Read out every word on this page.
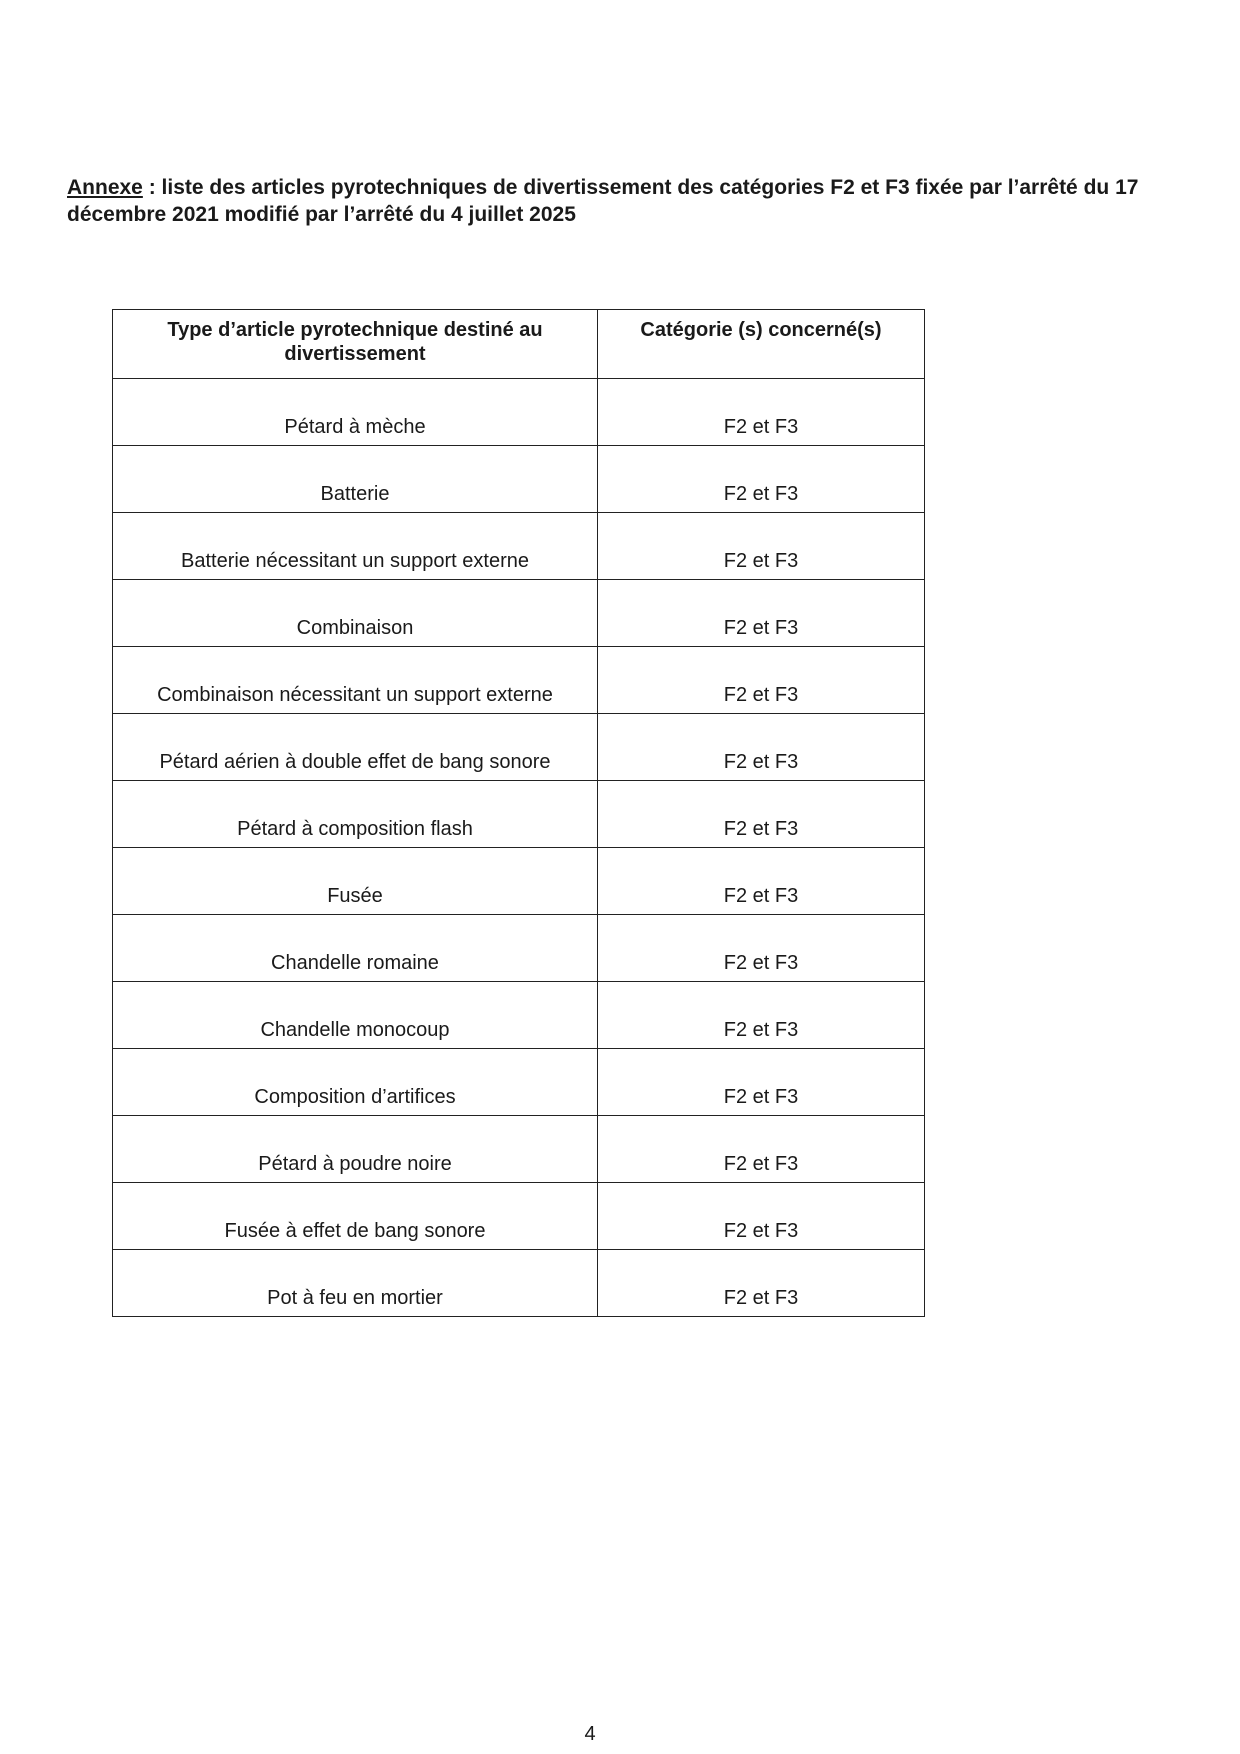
Annexe : liste des articles pyrotechniques de divertissement des catégories F2 et F3 fixée par l’arrêté du 17 décembre 2021 modifié par l’arrêté du 4 juillet 2025

Type d’article pyrotechnique destiné au divertissement	Catégorie (s) concerné(s)
Pétard à mèche	F2 et F3
Batterie	F2 et F3
Batterie nécessitant un support externe	F2 et F3
Combinaison	F2 et F3
Combinaison nécessitant un support externe	F2 et F3
Pétard aérien à double effet de bang sonore	F2 et F3
Pétard à composition flash	F2 et F3
Fusée	F2 et F3
Chandelle romaine	F2 et F3
Chandelle monocoup	F2 et F3
Composition d’artifices	F2 et F3
Pétard à poudre noire	F2 et F3
Fusée à effet de bang sonore	F2 et F3
Pot à feu en mortier	F2 et F3
4
